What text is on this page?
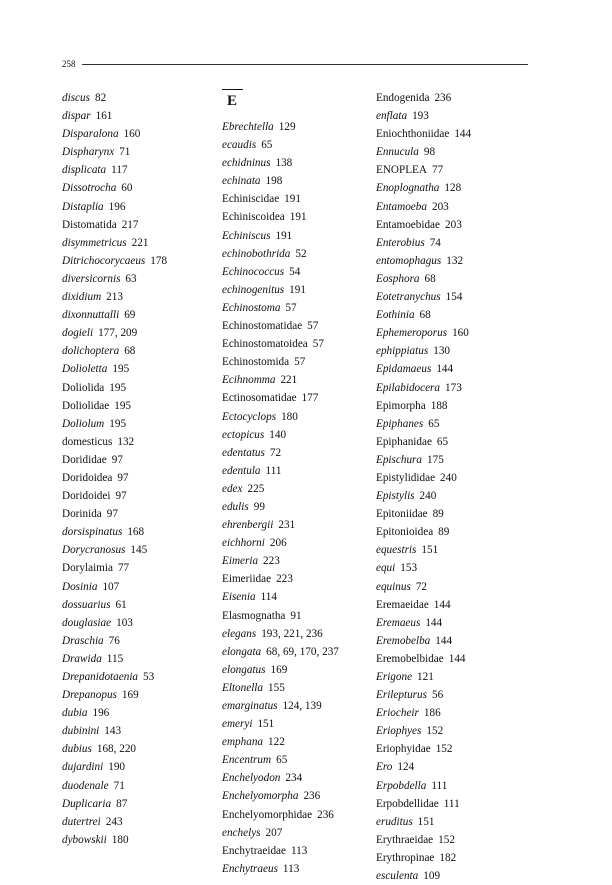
258
discus 82
dispar 161
Disparalona 160
Dispharynx 71
displicata 117
Dissotrocha 60
Distaplia 196
Distomatida 217
disymmetricus 221
Ditrichocorycaeus 178
diversicornis 63
dixidium 213
dixonnuttalli 69
dogieli 177, 209
dolichoptera 68
Dolioletta 195
Doliolida 195
Doliolidae 195
Doliolum 195
domesticus 132
Dorididae 97
Doridoidea 97
Doridoidei 97
Dorinida 97
dorsispinatus 168
Dorycranosus 145
Dorylaimia 77
Dosinia 107
dossuarius 61
douglasiae 103
Draschia 76
Drawida 115
Drepanidotaenia 53
Drepanopus 169
dubia 196
dubinini 143
dubius 168, 220
dujardini 190
duodenale 71
Duplicaria 87
dutertrei 243
dybowskii 180
E
Ebrechtella 129
ecaudis 65
echidninus 138
echinata 198
Echiniscidae 191
Echiniscoidea 191
Echiniscus 191
echinobothrida 52
Echinococcus 54
echinogenitus 191
Echinostoma 57
Echinostomatidae 57
Echinostomatoidea 57
Echinostomida 57
Ecihnomma 221
Ectinosomatidae 177
Ectocyclops 180
ectopicus 140
edentatus 72
edentula 111
edex 225
edulis 99
ehrenbergii 231
eichhorni 206
Eimeria 223
Eimeriidae 223
Eisenia 114
Elasmognatha 91
elegans 193, 221, 236
elongata 68, 69, 170, 237
elongatus 169
Eltonella 155
emarginatus 124, 139
emeryi 151
emphana 122
Encentrum 65
Enchelyodon 234
Enchelyomorpha 236
Enchelyomorphidae 236
enchelys 207
Enchytraeidae 113
Enchytraeus 113
Endogenida 236
enflata 193
Eniochthoniidae 144
Ennucula 98
ENOPLEA 77
Enoplognatha 128
Entamoeba 203
Entamoebidae 203
Enterobius 74
entomophagus 132
Eosphora 68
Eotetranychus 154
Eothinia 68
Ephemeroporus 160
ephippiatus 130
Epidamaeus 144
Epilabidocera 173
Epimorpha 188
Epiphanes 65
Epiphanidae 65
Epischura 175
Epistylididae 240
Epistylis 240
Epitoniidae 89
Epitonioidea 89
equestris 151
equi 153
equinus 72
Eremaeidae 144
Eremaeus 144
Eremobelba 144
Eremobelbidae 144
Erigone 121
Erilepturus 56
Eriocheir 186
Eriophyes 152
Eriophyidae 152
Ero 124
Erpobdella 111
Erpobdellidae 111
eruditus 151
Erythraeidae 152
Erythropinae 182
esculenta 109
